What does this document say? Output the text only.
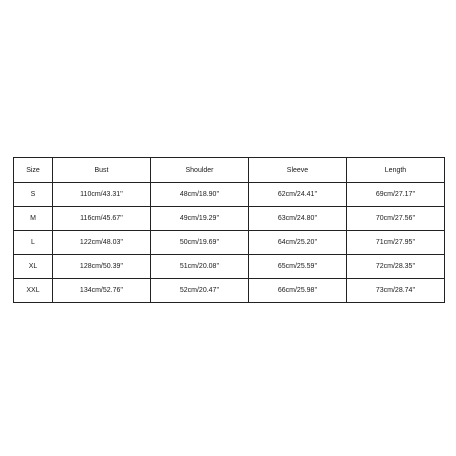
Size	Bust	Shoulder	Sleeve	Length
S	110cm/43.31''	48cm/18.90''	62cm/24.41''	69cm/27.17''
M	116cm/45.67''	49cm/19.29''	63cm/24.80''	70cm/27.56''
L	122cm/48.03''	50cm/19.69''	64cm/25.20''	71cm/27.95''
XL	128cm/50.39''	51cm/20.08''	65cm/25.59''	72cm/28.35''
XXL	134cm/52.76''	52cm/20.47''	66cm/25.98''	73cm/28.74''
